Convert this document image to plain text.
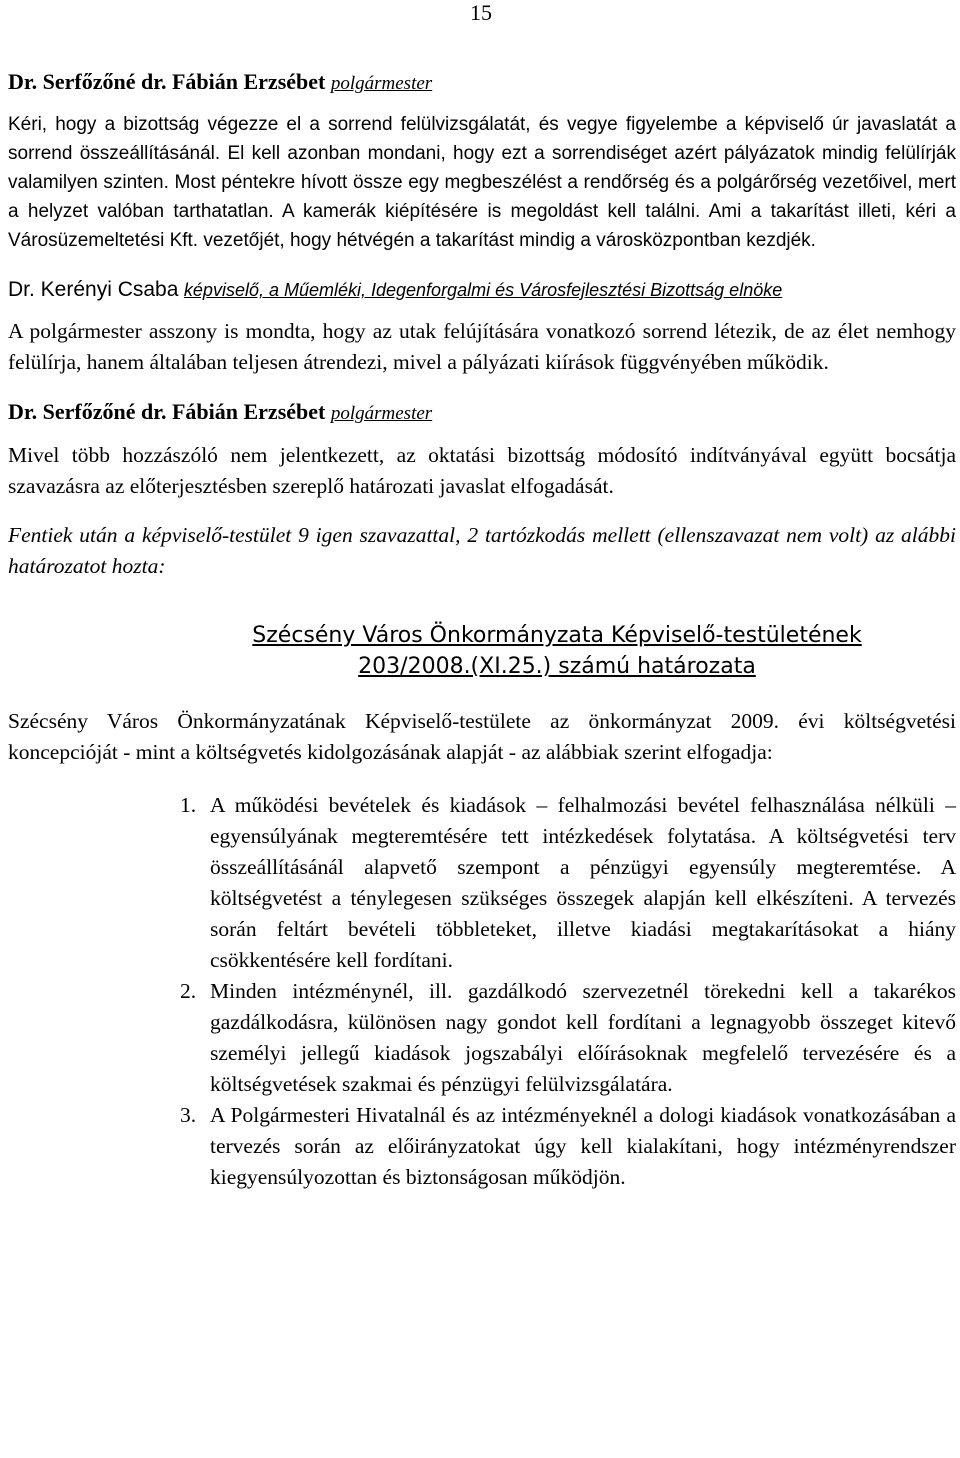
15
Dr. Serfőzőné dr. Fábián Erzsébet polgármester

Kéri, hogy a bizottság végezze el a sorrend felülvizsgálatát, és vegye figyelembe a képviselő úr javaslatát a sorrend összeállításánál. El kell azonban mondani, hogy ezt a sorrendiséget azért pályázatok mindig felülírják valamilyen szinten. Most péntekre hívott össze egy megbeszélést a rendőrség és a polgárőrség vezetőivel, mert a helyzet valóban tarthatatlan. A kamerák kiépítésére is megoldást kell találni. Ami a takarítást illeti, kéri a Városüzemeltetési Kft. vezetőjét, hogy hétvégén a takarítást mindig a városközpontban kezdjék.

Dr. Kerényi Csaba képviselő, a Műemléki, Idegenforgalmi és Városfejlesztési Bizottság elnöke

A polgármester asszony is mondta, hogy az utak felújítására vonatkozó sorrend létezik, de az élet nemhogy felülírja, hanem általában teljesen átrendezi, mivel a pályázati kiírások függvényében működik.

Dr. Serfőzőné dr. Fábián Erzsébet polgármester

Mivel több hozzászóló nem jelentkezett, az oktatási bizottság módosító indítványával együtt bocsátja szavazásra az előterjesztésben szereplő határozati javaslat elfogadását.

Fentiek után a képviselő-testület 9 igen szavazattal, 2 tartózkodás mellett (ellenszavazat nem volt) az alábbi határozatot hozta:

Szécsény Város Önkormányzata Képviselő-testületének

203/2008.(XI.25.) számú határozata

Szécsény Város Önkormányzatának Képviselő-testülete az önkormányzat 2009. évi költségvetési koncepcióját - mint a költségvetés kidolgozásának alapját - az alábbiak szerint elfogadja:

1. A működési bevételek és kiadások – felhalmozási bevétel felhasználása nélküli – egyensúlyának megteremtésére tett intézkedések folytatása. A költségvetési terv összeállításánál alapvető szempont a pénzügyi egyensúly megteremtése. A költségvetést a ténylegesen szükséges összegek alapján kell elkészíteni. A tervezés során feltárt bevételi többleteket, illetve kiadási megtakarításokat a hiány csökkentésére kell fordítani.
2. Minden intézménynél, ill. gazdálkodó szervezetnél törekedni kell a takarékos gazdálkodásra, különösen nagy gondot kell fordítani a legnagyobb összeget kitevő személyi jellegű kiadások jogszabályi előírásoknak megfelelő tervezésére és a költségvetések szakmai és pénzügyi felülvizsgálatára.
3. A Polgármesteri Hivatalnál és az intézményeknél a dologi kiadások vonatkozásában a tervezés során az előirányzatokat úgy kell kialakítani, hogy intézményrendszer kiegyensúlyozottan és biztonságosan működjön.
